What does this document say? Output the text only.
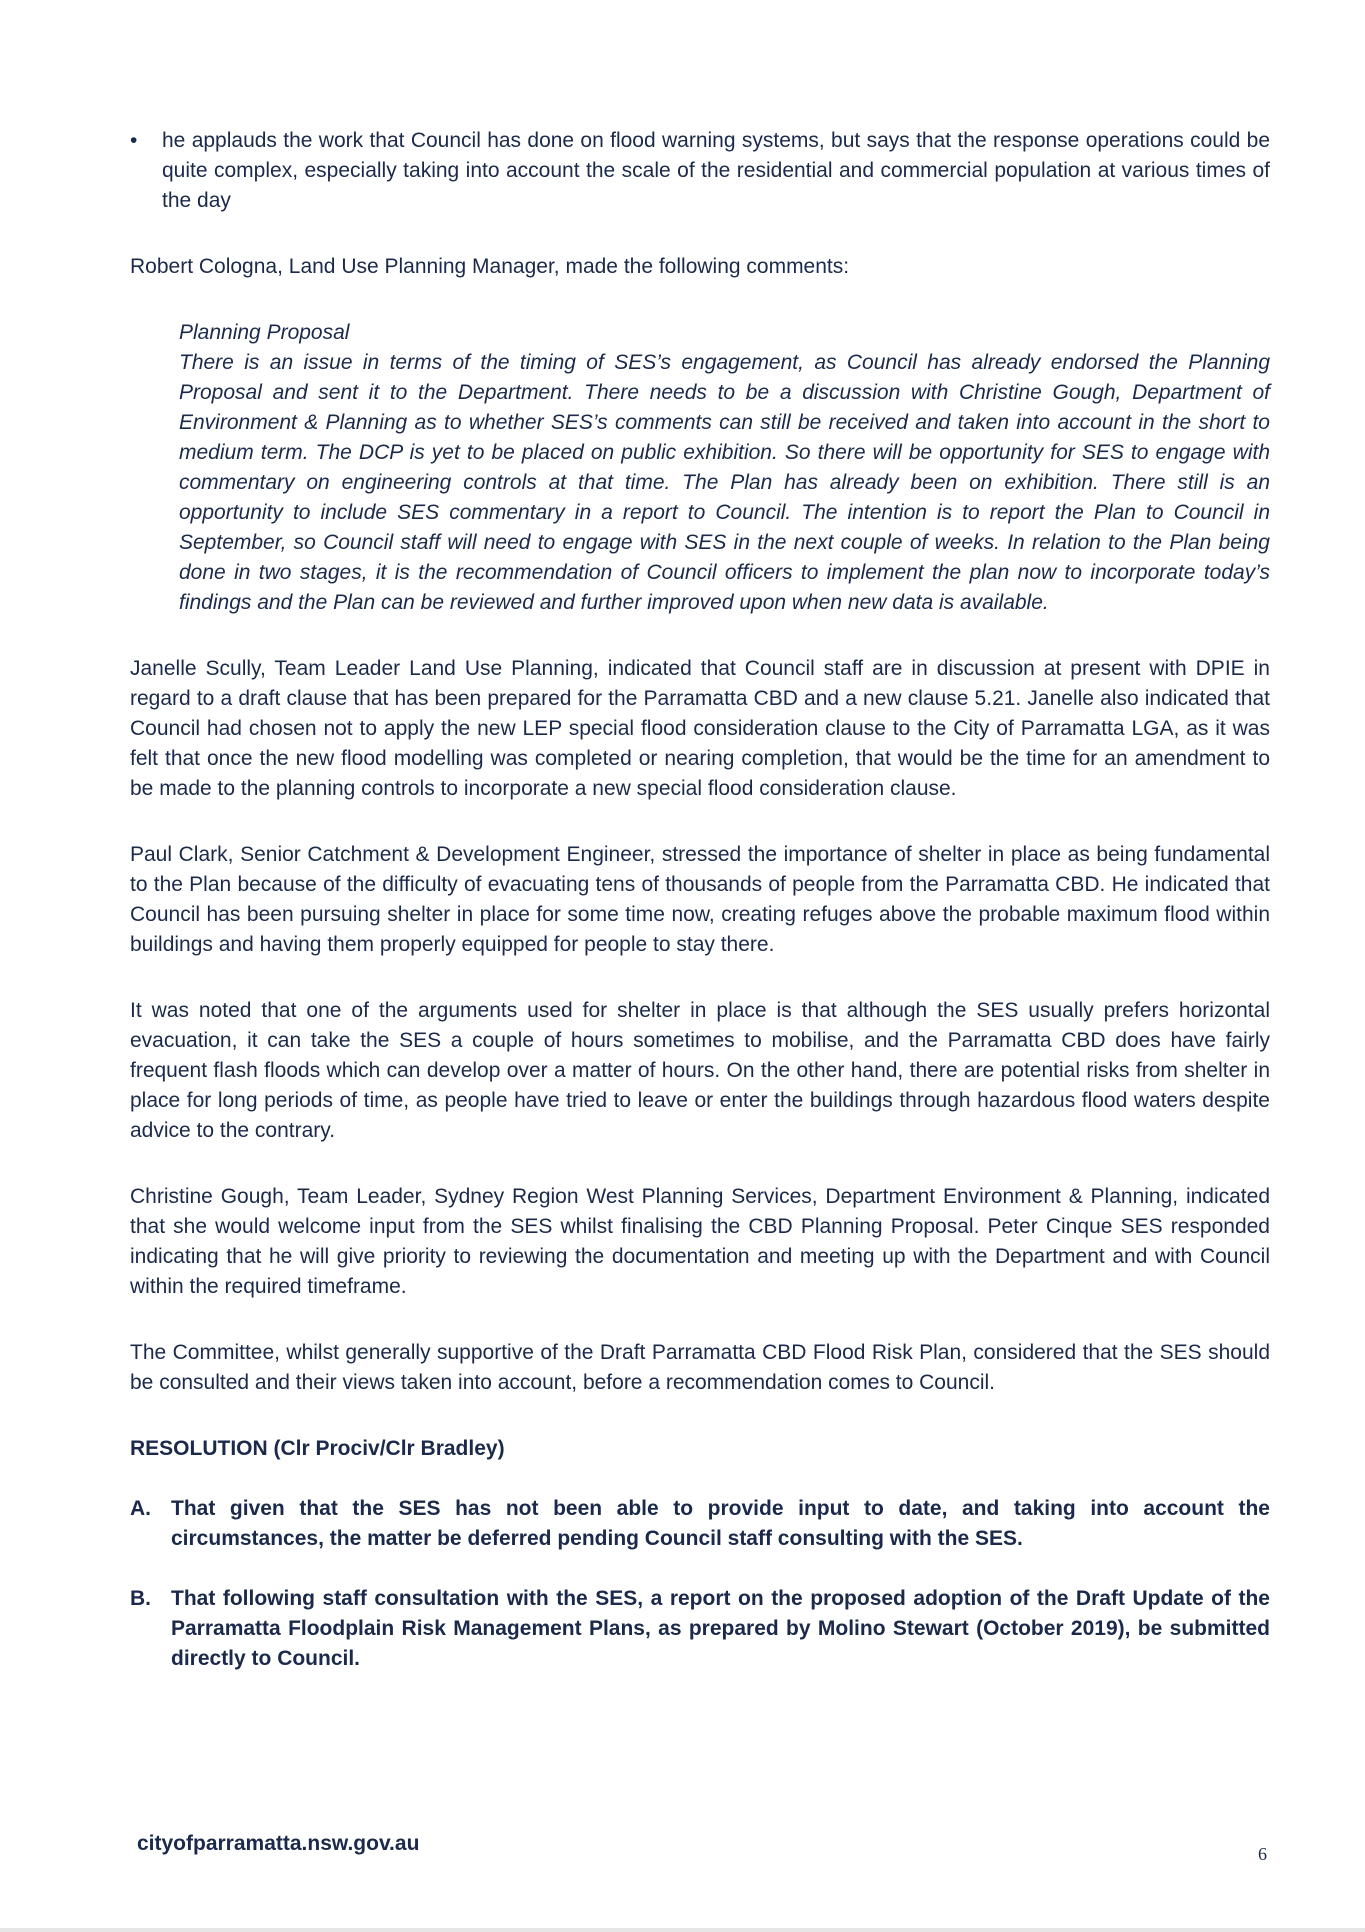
•	he applauds the work that Council has done on flood warning systems, but says that the response operations could be quite complex, especially taking into account the scale of the residential and commercial population at various times of the day

Robert Cologna, Land Use Planning Manager, made the following comments:

Planning Proposal

There is an issue in terms of the timing of SES’s engagement, as Council has already endorsed the Planning Proposal and sent it to the Department. There needs to be a discussion with Christine Gough, Department of Environment & Planning as to whether SES’s comments can still be received and taken into account in the short to medium term. The DCP is yet to be placed on public exhibition. So there will be opportunity for SES to engage with commentary on engineering controls at that time. The Plan has already been on exhibition. There still is an opportunity to include SES commentary in a report to Council. The intention is to report the Plan to Council in September, so Council staff will need to engage with SES in the next couple of weeks. In relation to the Plan being done in two stages, it is the recommendation of Council officers to implement the plan now to incorporate today’s findings and the Plan can be reviewed and further improved upon when new data is available.

Janelle Scully, Team Leader Land Use Planning, indicated that Council staff are in discussion at present with DPIE in regard to a draft clause that has been prepared for the Parramatta CBD and a new clause 5.21. Janelle also indicated that Council had chosen not to apply the new LEP special flood consideration clause to the City of Parramatta LGA, as it was felt that once the new flood modelling was completed or nearing completion, that would be the time for an amendment to be made to the planning controls to incorporate a new special flood consideration clause.

Paul Clark, Senior Catchment & Development Engineer, stressed the importance of shelter in place as being fundamental to the Plan because of the difficulty of evacuating tens of thousands of people from the Parramatta CBD. He indicated that Council has been pursuing shelter in place for some time now, creating refuges above the probable maximum flood within buildings and having them properly equipped for people to stay there.

It was noted that one of the arguments used for shelter in place is that although the SES usually prefers horizontal evacuation, it can take the SES a couple of hours sometimes to mobilise, and the Parramatta CBD does have fairly frequent flash floods which can develop over a matter of hours. On the other hand, there are potential risks from shelter in place for long periods of time, as people have tried to leave or enter the buildings through hazardous flood waters despite advice to the contrary.

Christine Gough, Team Leader, Sydney Region West Planning Services, Department Environment & Planning, indicated that she would welcome input from the SES whilst finalising the CBD Planning Proposal. Peter Cinque SES responded indicating that he will give priority to reviewing the documentation and meeting up with the Department and with Council within the required timeframe.

The Committee, whilst generally supportive of the Draft Parramatta CBD Flood Risk Plan, considered that the SES should be consulted and their views taken into account, before a recommendation comes to Council.

RESOLUTION (Clr Prociv/Clr Bradley)
A. That given that the SES has not been able to provide input to date, and taking into account the circumstances, the matter be deferred pending Council staff consulting with the SES.
B. That following staff consultation with the SES, a report on the proposed adoption of the Draft Update of the Parramatta Floodplain Risk Management Plans, as prepared by Molino Stewart (October 2019), be submitted directly to Council.
cityofparramatta.nsw.gov.au	6
